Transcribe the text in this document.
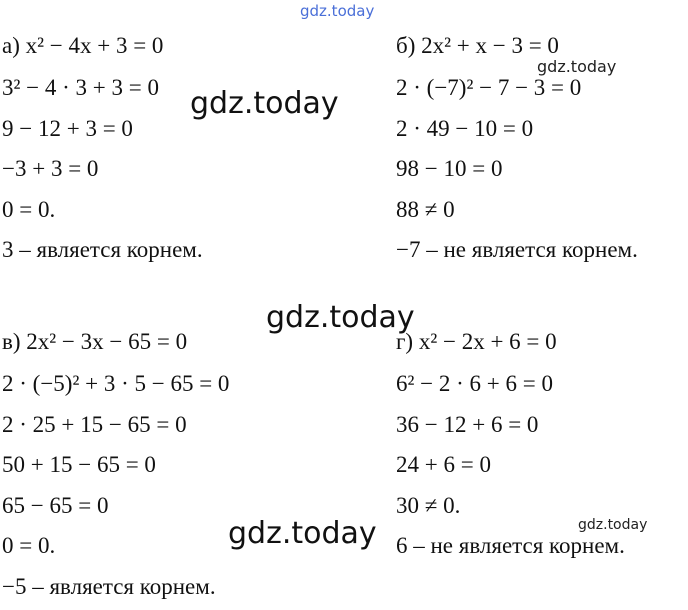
gdz.today
а) x² − 4x + 3 = 0
3² − 4 · 3 + 3 = 0
9 − 12 + 3 = 0
−3 + 3 = 0
0 = 0.
3 – является корнем.
б) 2x² + x − 3 = 0
2 · (−7)² − 7 − 3 = 0
2 · 49 − 10 = 0
98 − 10 = 0
88 ≠ 0
−7 – не является корнем.
в) 2x² − 3x − 65 = 0
2 · (−5)² + 3 · 5 − 65 = 0
2 · 25 + 15 − 65 = 0
50 + 15 − 65 = 0
65 − 65 = 0
0 = 0.
−5 – является корнем.
г) x² − 2x + 6 = 0
6² − 2 · 6 + 6 = 0
36 − 12 + 6 = 0
24 + 6 = 0
30 ≠ 0.
6 – не является корнем.
gdz.today
gdz.today
gdz.today
gdz.today	gdz.today
